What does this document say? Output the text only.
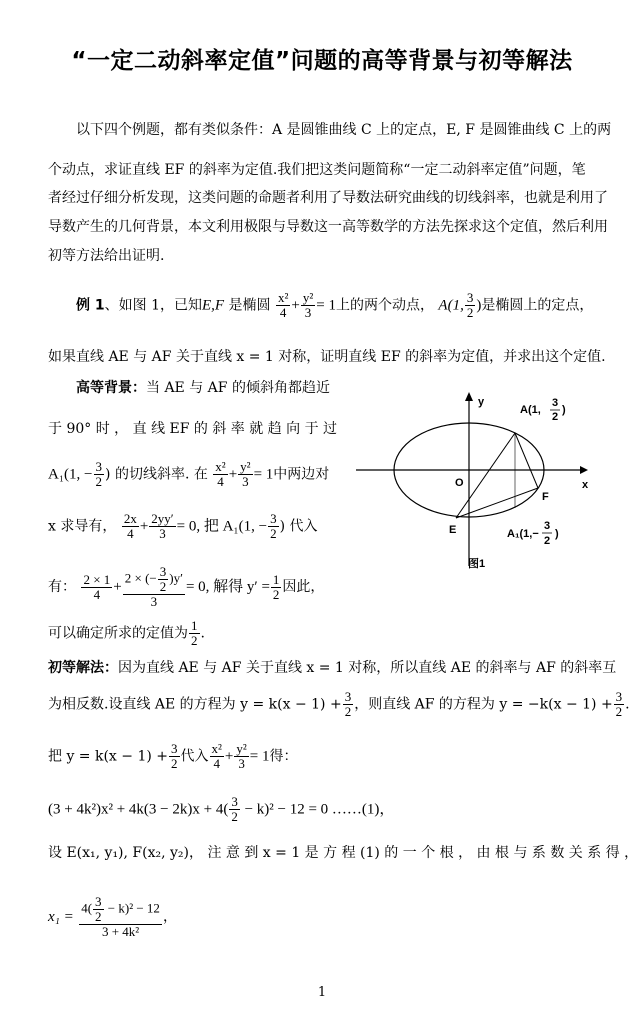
“一定二动斜率定值”问题的高等背景与初等解法
以下四个例题，都有类似条件：A 是圆锥曲线 C 上的定点，E, F 是圆锥曲线 C 上的两
个动点，求证直线 EF 的斜率为定值.我们把这类问题简称“一定二动斜率定值”问题，笔
者经过仔细分析发现，这类问题的命题者利用了导数法研究曲线的切线斜率，也就是利用了
导数产生的几何背景，本文利用极限与导数这一高等数学的方法先探求这个定值，然后利用
初等方法给出证明.
例 1、如图 1，已知E,F 是椭圆 $\frac{\text{x²}}{4} + \frac{\text{y²}}{3} = 1$上的两个动点， A(1, $\frac{3}{2}$ )是椭圆上的定点，
如果直线 AE 与 AF 关于直线 x = 1 对称，证明直线 EF 的斜率为定值，并求出这个定值.
高等背景：当 AE 与 AF 的倾斜角都趋近
于 90° 时 ， 直 线 EF 的 斜 率 就 趋 向 于 过
A₁(1, − $\frac{3}{2}$ ) 的切线斜率. 在 $\frac{\text{x²}}{4} + \frac{\text{y²}}{3} = 1$中两边对
x 求导有， $\frac{2x}{4} + \frac{2yy'}{3} = 0$, 把 A₁(1, − $\frac{3}{2}$ ) 代入
有： $\frac{2 \times 1}{4} + \frac{2 \times (- \frac{3}{2} )y'}{3} = 0$, 解得 $y' = \frac{1}{2}$ 因此，
可以确定所求的定值为 $\frac{1}{2}$ .
y
x
O
A(1,
3
2
)
F
E	A₁(1,−
3
2
)
图1
初等解法：因为直线 AE 与 AF 关于直线 x = 1 对称，所以直线 AE 的斜率与 AF 的斜率互
为相反数.设直线 AE 的方程为 $y = k(x - 1) + \frac{3}{2}$ ，则直线 AF 的方程为 $y = -k(x - 1) + \frac{3}{2}$ .
把 $y = k(x - 1) + \frac{3}{2}$ 代入 $\frac{\text{x²}}{4} + \frac{\text{y²}}{3} = 1$得：
$(3 + 4k^2)x^2 + 4k(3 - 2k)x + 4( \frac{3}{2} - k)^2 - 12 = 0$ ……(1)，
设 E(x₁, y₁), F(x₂, y₂)， 注 意 到 x = 1 是 方 程 (1) 的 一 个 根 ， 由 根 与 系 数 关 系 得 ，
$x_1 = \frac{4( \frac{3}{2} - k)^2 - 12}{\text{3 + 4k²}}$ ，
1
